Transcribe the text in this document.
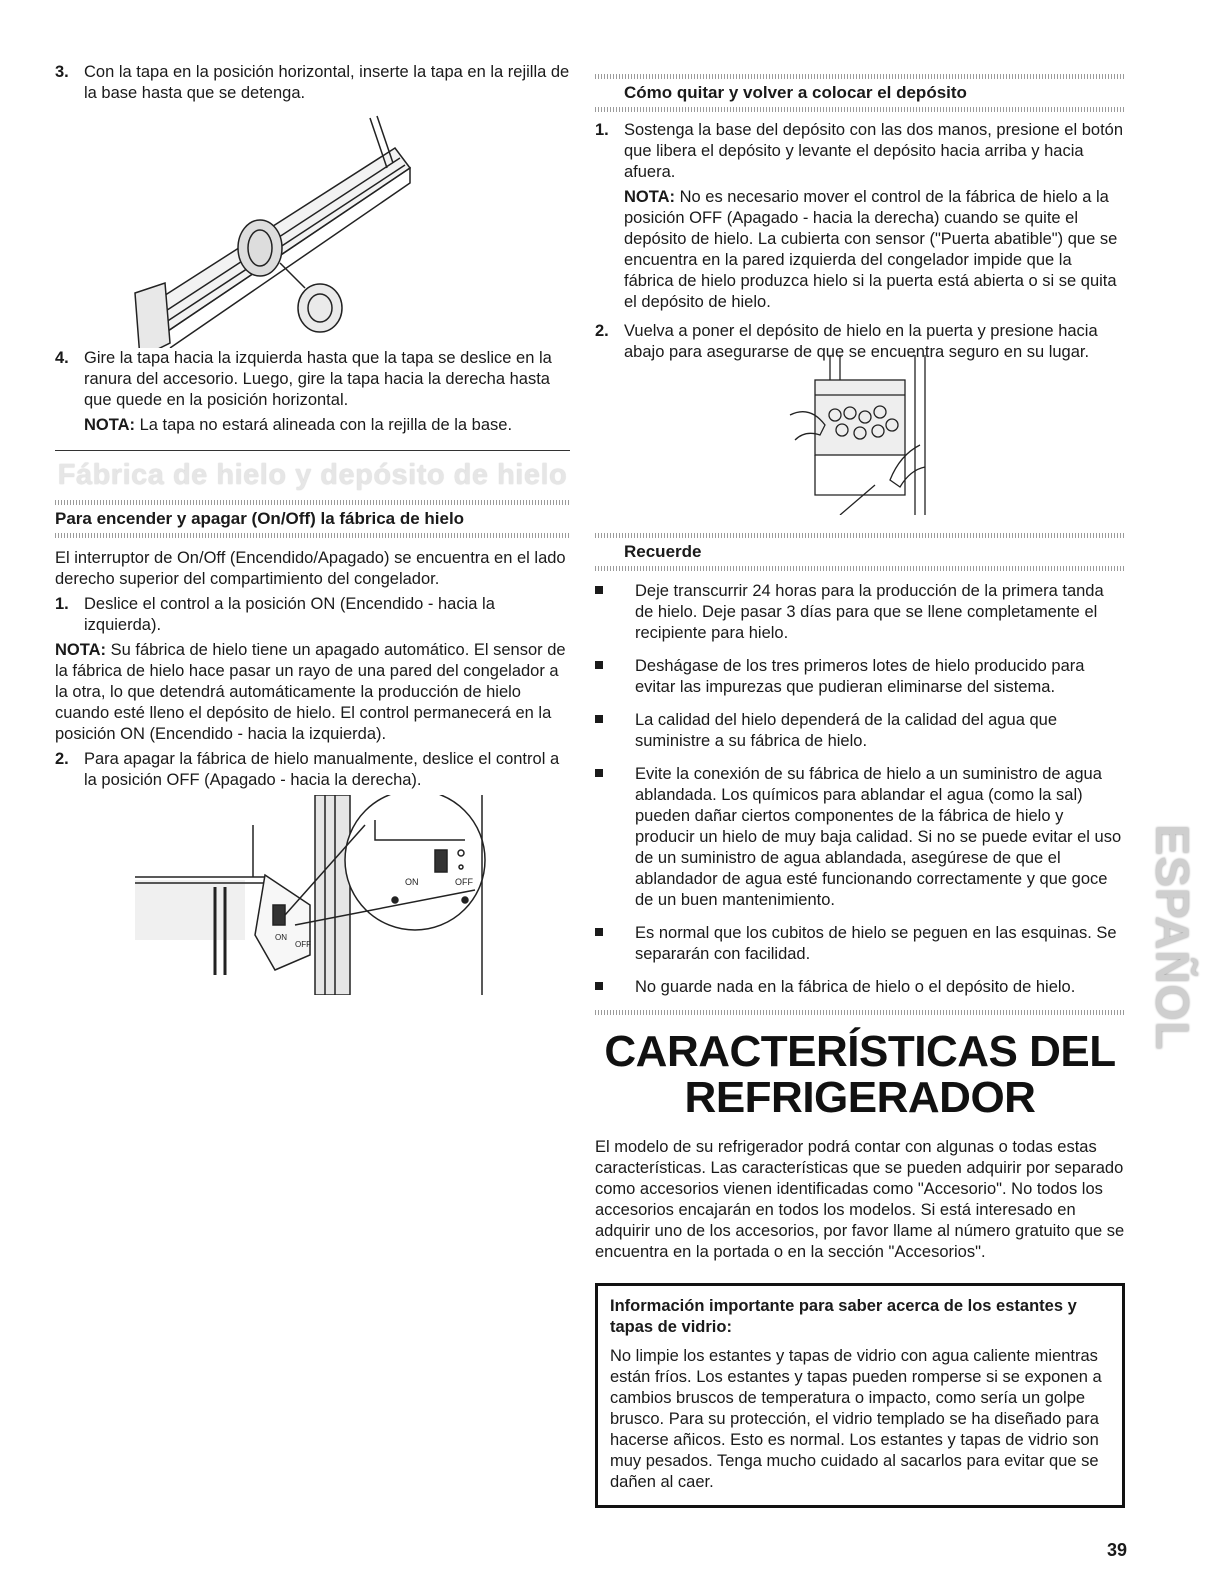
3. Con la tapa en la posición horizontal, inserte la tapa en la rejilla de la base hasta que se detenga.

4. Gire la tapa hacia la izquierda hasta que la tapa se deslice en la ranura del accesorio. Luego, gire la tapa hacia la derecha hasta que quede en la posición horizontal.

NOTA: La tapa no estará alineada con la rejilla de la base.

Fábrica de hielo y depósito de hielo
Para encender y apagar (On/Off) la fábrica de hielo

El interruptor de On/Off (Encendido/Apagado) se encuentra en el lado derecho superior del compartimiento del congelador.

1. Deslice el control a la posición ON (Encendido - hacia la izquierda).

NOTA: Su fábrica de hielo tiene un apagado automático. El sensor de la fábrica de hielo hace pasar un rayo de una pared del congelador a la otra, lo que detendrá automáticamente la producción de hielo cuando esté lleno el depósito de hielo. El control permanecerá en la posición ON (Encendido - hacia la izquierda).

2. Para apagar la fábrica de hielo manualmente, deslice el control a la posición OFF (Apagado - hacia la derecha).

ON	OFF
ON
OFF
Cómo quitar y volver a colocar el depósito
1. Sostenga la base del depósito con las dos manos, presione el botón que libera el depósito y levante el depósito hacia arriba y hacia afuera.

NOTA: No es necesario mover el control de la fábrica de hielo a la posición OFF (Apagado - hacia la derecha) cuando se quite el depósito de hielo. La cubierta con sensor ("Puerta abatible") que se encuentra en la pared izquierda del congelador impide que la fábrica de hielo produzca hielo si la puerta está abierta o si se quita el depósito de hielo.

2. Vuelva a poner el depósito de hielo en la puerta y presione hacia abajo para asegurarse de que se encuentra seguro en su lugar.

Recuerde
Deje transcurrir 24 horas para la producción de la primera tanda de hielo. Deje pasar 3 días para que se llene completamente el recipiente para hielo.
Deshágase de los tres primeros lotes de hielo producido para evitar las impurezas que pudieran eliminarse del sistema.
La calidad del hielo dependerá de la calidad del agua que suministre a su fábrica de hielo.
Evite la conexión de su fábrica de hielo a un suministro de agua ablandada. Los químicos para ablandar el agua (como la sal) pueden dañar ciertos componentes de la fábrica de hielo y producir un hielo de muy baja calidad. Si no se puede evitar el uso de un suministro de agua ablandada, asegúrese de que el ablandador de agua esté funcionando correctamente y que goce de un buen mantenimiento.
Es normal que los cubitos de hielo se peguen en las esquinas. Se separarán con facilidad.
No guarde nada en la fábrica de hielo o el depósito de hielo.
CARACTERÍSTICAS DEL
REFRIGERADOR

El modelo de su refrigerador podrá contar con algunas o todas estas características. Las características que se pueden adquirir por separado como accesorios vienen identificadas como "Accesorio". No todos los accesorios encajarán en todos los modelos. Si está interesado en adquirir uno de los accesorios, por favor llame al número gratuito que se encuentra en la portada o en la sección "Accesorios".

Información importante para saber acerca de los estantes y tapas de vidrio:

No limpie los estantes y tapas de vidrio con agua caliente mientras están fríos. Los estantes y tapas pueden romperse si se exponen a cambios bruscos de temperatura o impacto, como sería un golpe brusco. Para su protección, el vidrio templado se ha diseñado para hacerse añicos. Esto es normal. Los estantes y tapas de vidrio son muy pesados. Tenga mucho cuidado al sacarlos para evitar que se dañen al caer.

ESPAÑOL
39
